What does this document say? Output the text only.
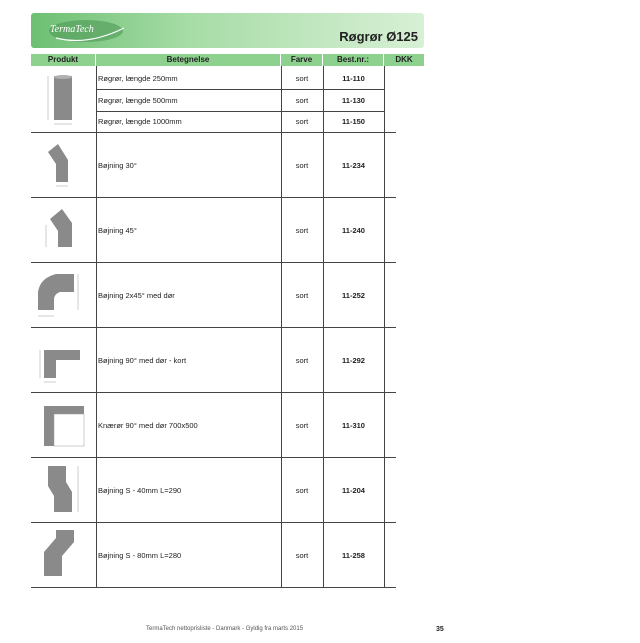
TermaTech	Røgrør Ø125
Produkt	Betegnelse	Farve	Best.nr.:	DKK
Røgrør, længde 250mm	sort	11-110
Røgrør, længde 500mm	sort	11-130
Røgrør, længde 1000mm	sort	11-150
Bøjning 30°	sort	11-234
Bøjning 45°	sort	11-240
Bøjning 2x45° med dør	sort	11-252
Bøjning 90° med dør - kort	sort	11-292
Knærør 90° med dør 700x500	sort	11-310
Bøjning S - 40mm L=290	sort	11-204
Bøjning S - 80mm L=280	sort	11-258
TermaTech nettoprisliste - Danmark - Gyldig fra marts 2015	35
